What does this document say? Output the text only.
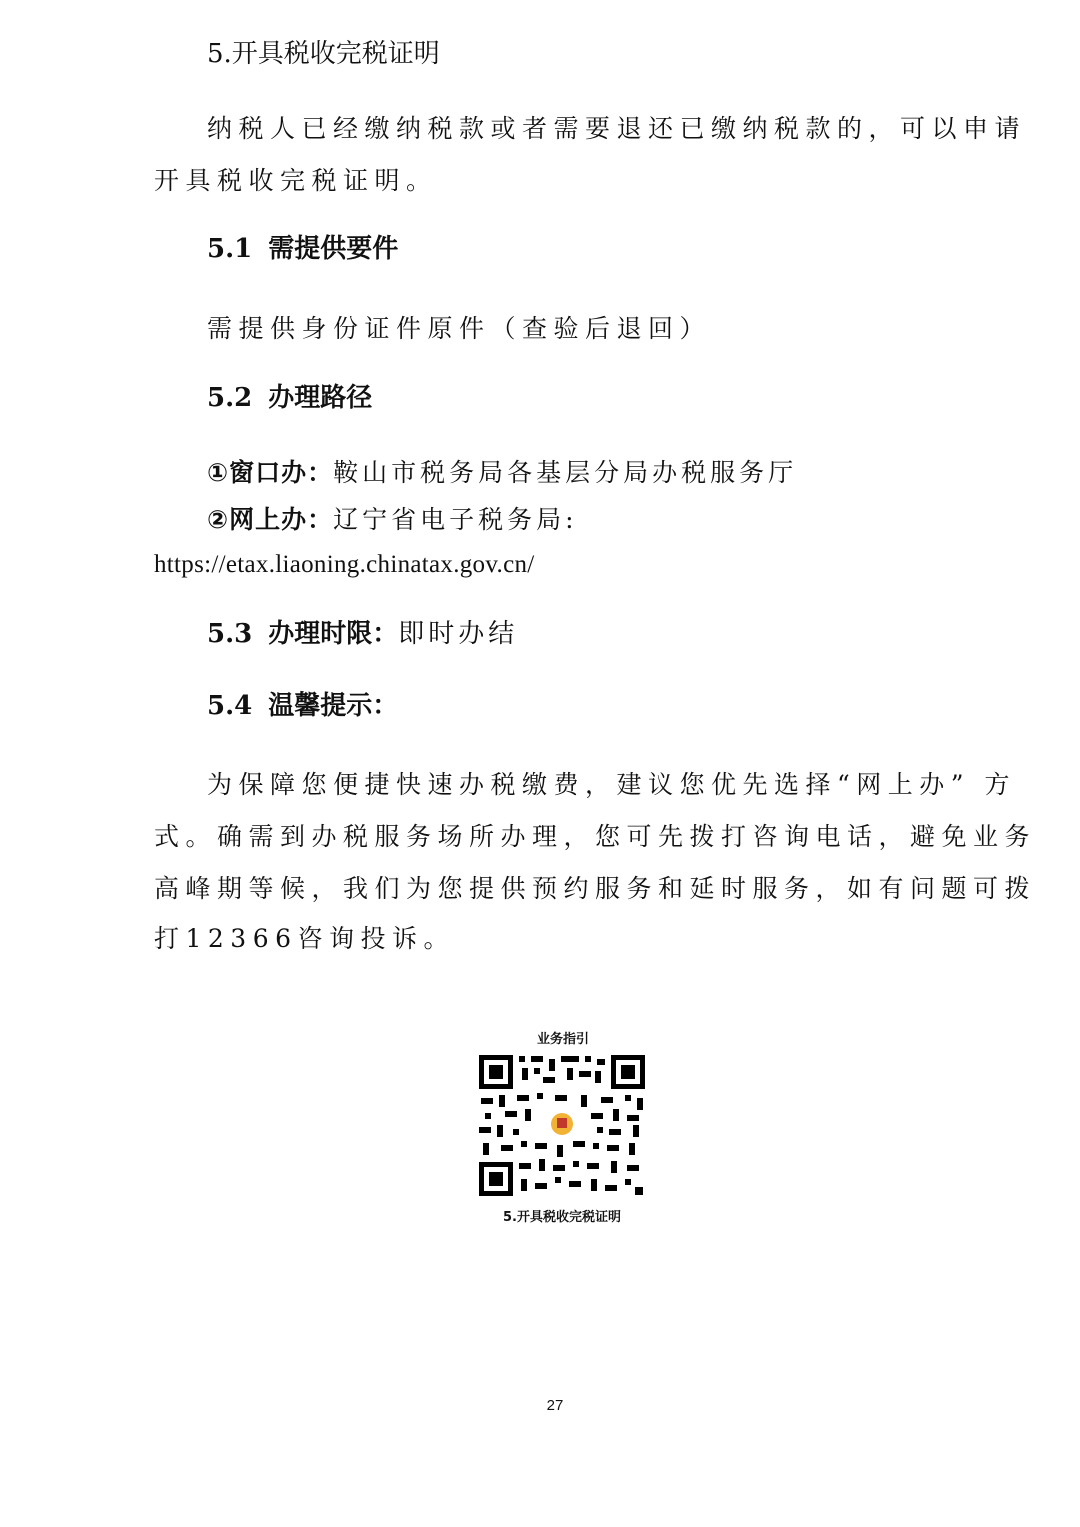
5.开具税收完税证明
纳税人已经缴纳税款或者需要退还已缴纳税款的，可以申请
开具税收完税证明。
5.1 需提供要件
需提供身份证件原件（查验后退回）
5.2 办理路径
①窗口办：鞍山市税务局各基层分局办税服务厅
②网上办：辽宁省电子税务局:
https://etax.liaoning.chinatax.gov.cn/
5.3 办理时限：即时办结
5.4 温馨提示：
为保障您便捷快速办税缴费，建议您优先选择“网上办” 方
式。确需到办税服务场所办理，您可先拨打咨询电话，避免业务
高峰期等候，我们为您提供预约服务和延时服务，如有问题可拨
打12366咨询投诉。
业务指引
5.开具税收完税证明
27
